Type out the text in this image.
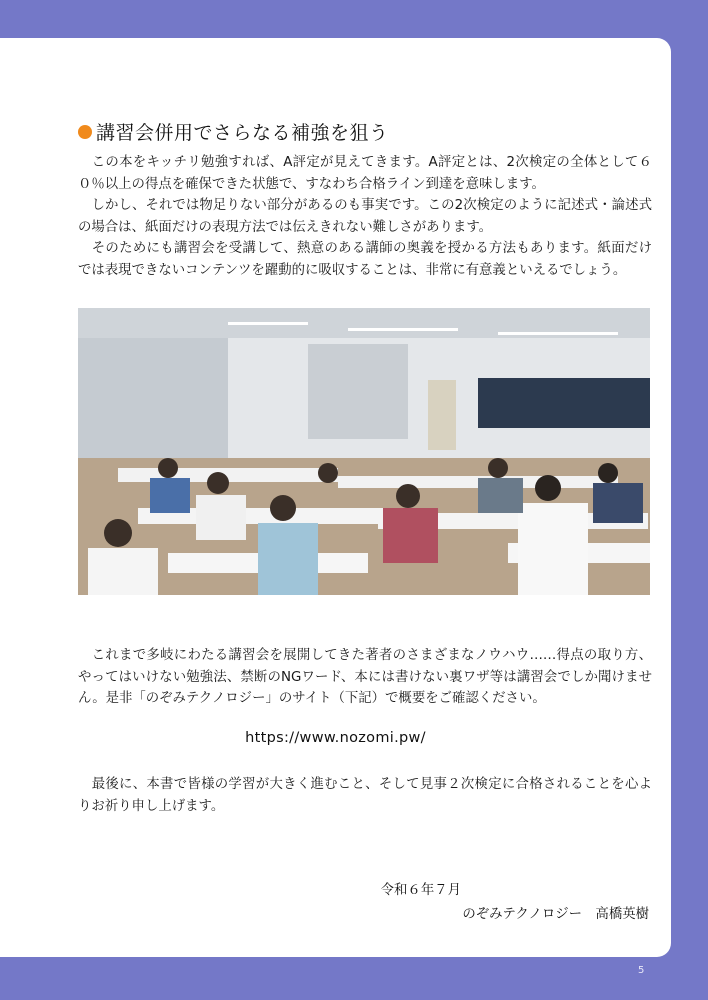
講習会併用でさらなる補強を狙う
　この本をキッチリ勉強すれば、A評定が見えてきます。A評定とは、2次検定の全体として６０％以上の得点を確保できた状態で、すなわち合格ライン到達を意味します。
　しかし、それでは物足りない部分があるのも事実です。この2次検定のように記述式・論述式の場合は、紙面だけの表現方法では伝えきれない難しさがあります。
　そのためにも講習会を受講して、熱意のある講師の奥義を授かる方法もあります。紙面だけでは表現できないコンテンツを躍動的に吸収することは、非常に有意義といえるでしょう。

　これまで多岐にわたる講習会を展開してきた著者のさまざまなノウハウ……得点の取り方、やってはいけない勉強法、禁断のNGワード、本には書けない裏ワザ等は講習会でしか聞けません。是非「のぞみテクノロジー」のサイト（下記）で概要をご確認ください。

https://www.nozomi.pw/

　最後に、本書で皆様の学習が大きく進むこと、そして見事２次検定に合格されることを心よりお祈り申し上げます。

令和６年７月
のぞみテクノロジー　高橋英樹
5
